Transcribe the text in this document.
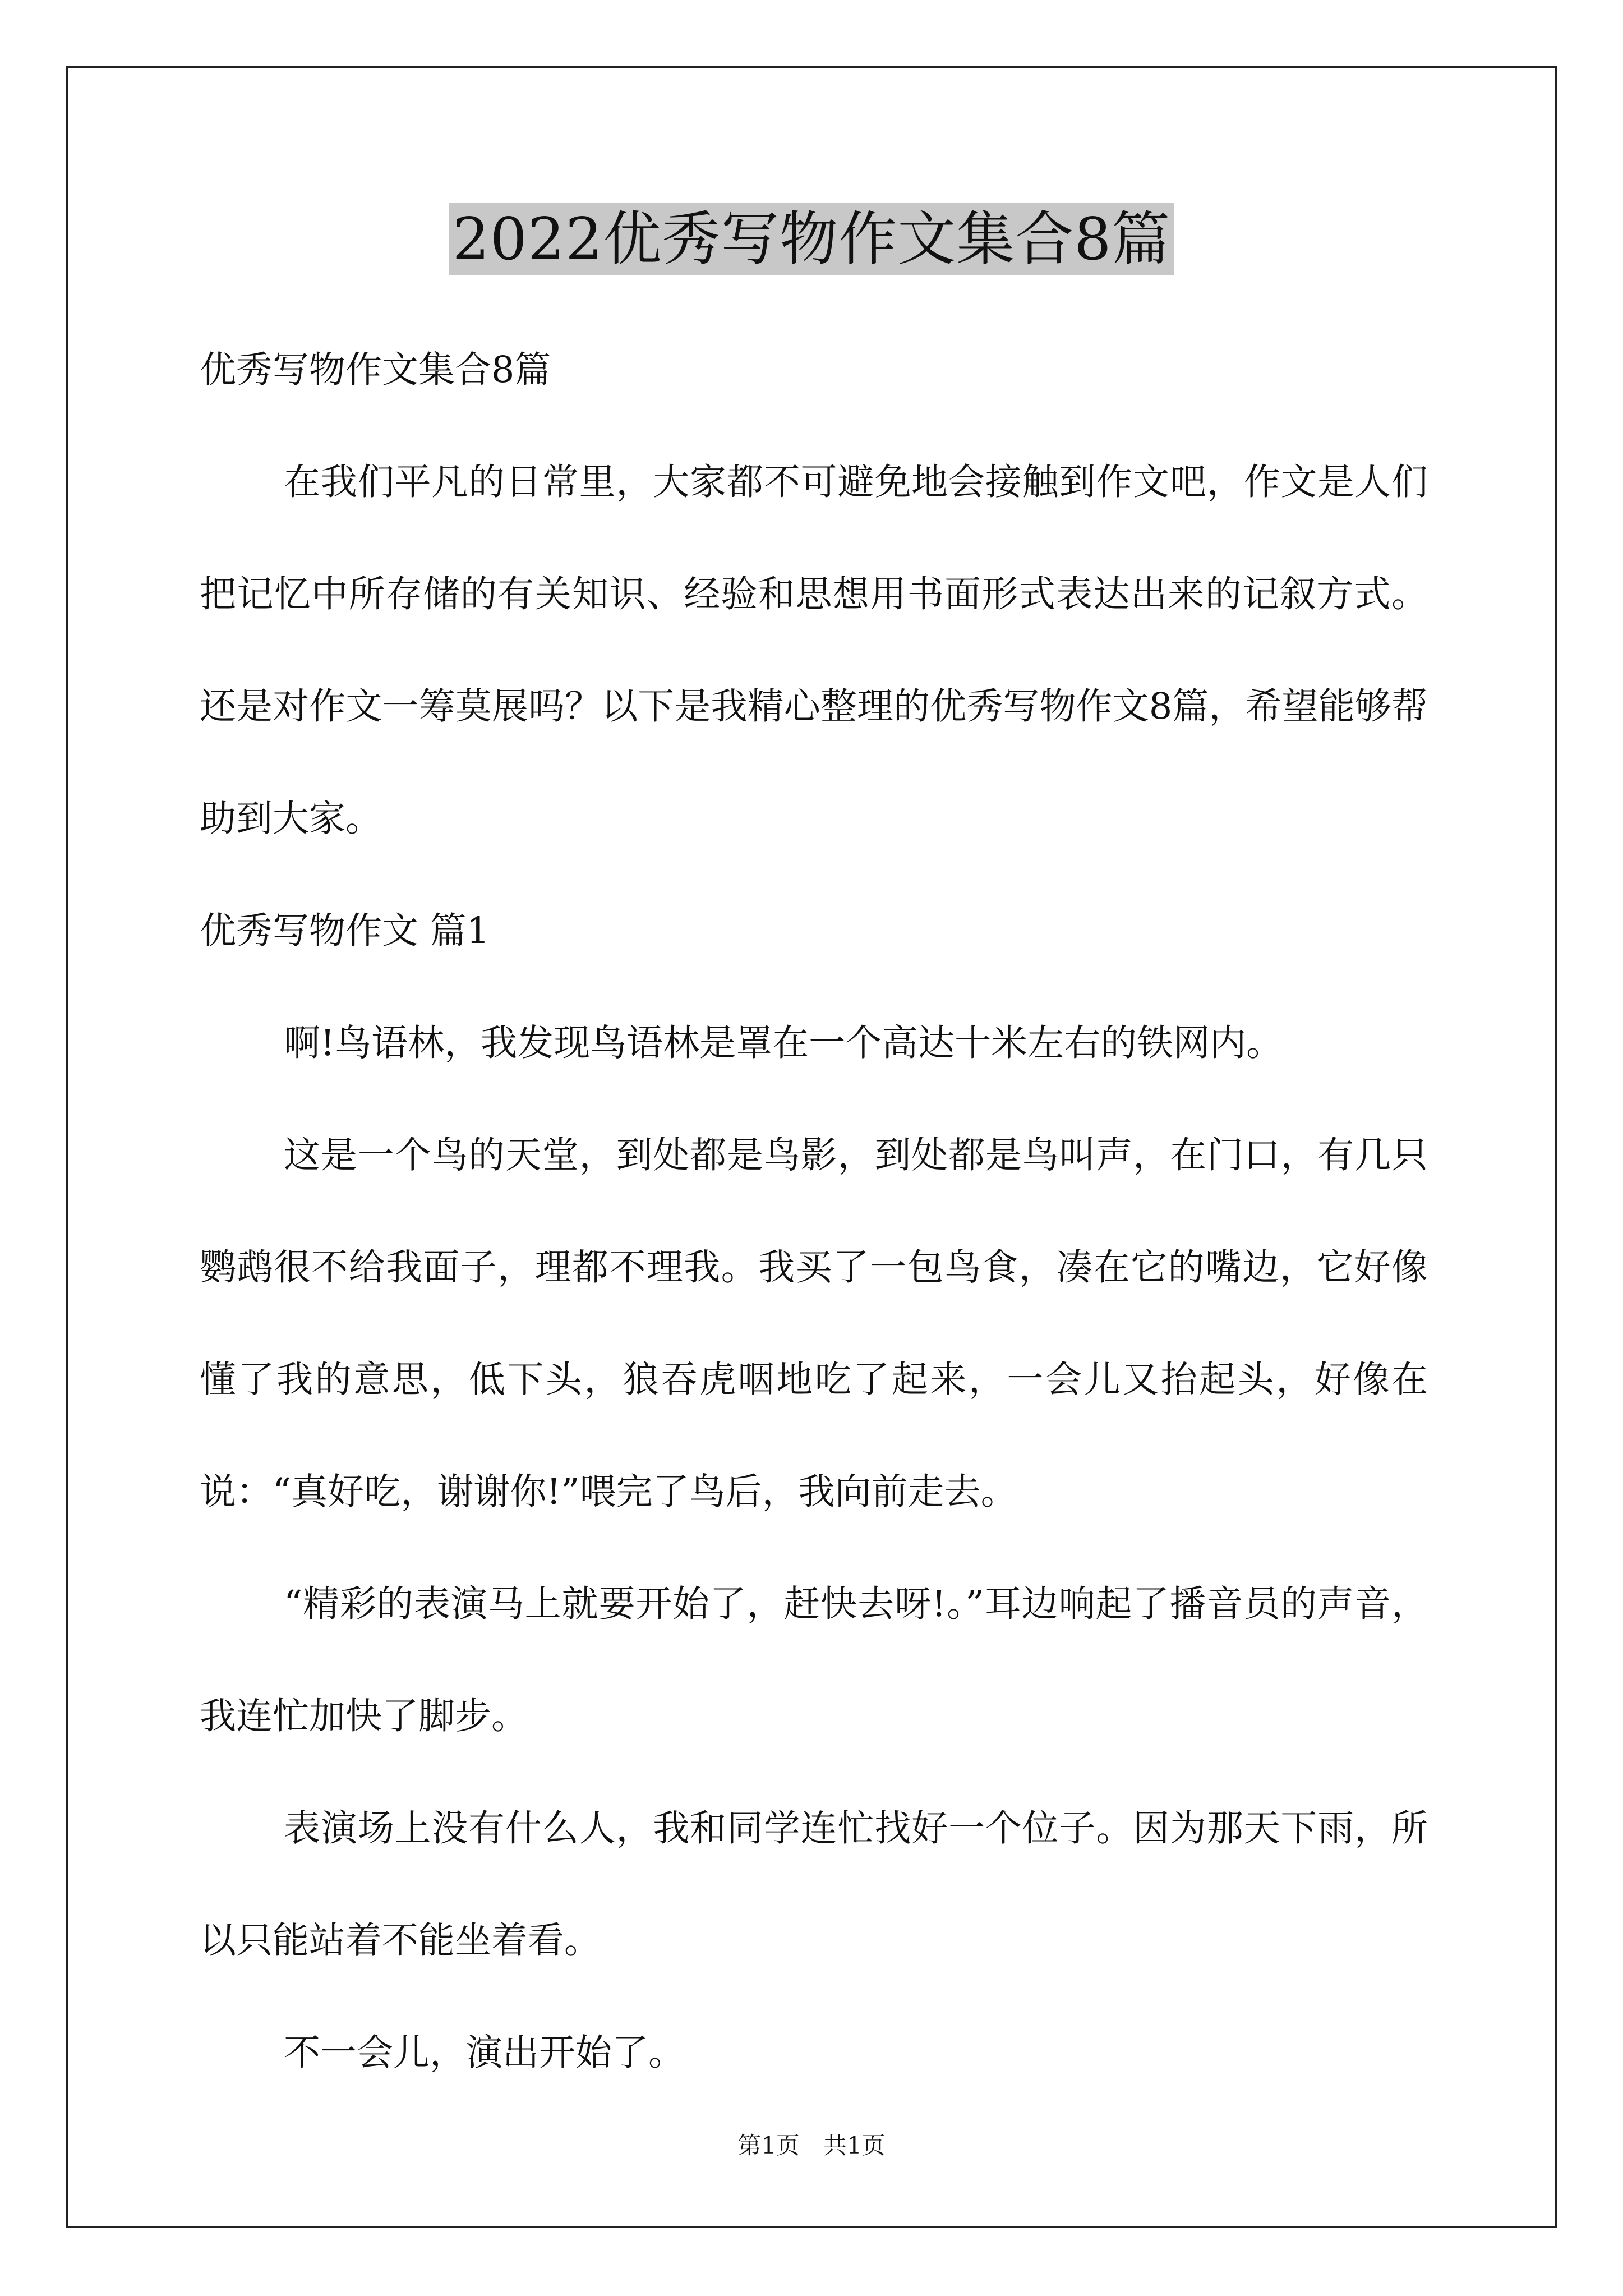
2022优秀写物作文集合8篇

优秀写物作文集合8篇

在我们平凡的日常里，大家都不可避免地会接触到作文吧，作文是人们把记忆中所存储的有关知识、经验和思想用书面形式表达出来的记叙方式。还是对作文一筹莫展吗？以下是我精心整理的优秀写物作文8篇，希望能够帮助到大家。

优秀写物作文 篇1

啊!鸟语林，我发现鸟语林是罩在一个高达十米左右的铁网内。

这是一个鸟的天堂，到处都是鸟影，到处都是鸟叫声，在门口，有几只鹦鹉很不给我面子，理都不理我。我买了一包鸟食，凑在它的嘴边，它好像懂了我的意思，低下头，狼吞虎咽地吃了起来，一会儿又抬起头，好像在说：“真好吃，谢谢你!”喂完了鸟后，我向前走去。

“精彩的表演马上就要开始了，赶快去呀!。”耳边响起了播音员的声音，我连忙加快了脚步。

表演场上没有什么人，我和同学连忙找好一个位子。因为那天下雨，所以只能站着不能坐着看。

不一会儿，演出开始了。

第1页　共1页
